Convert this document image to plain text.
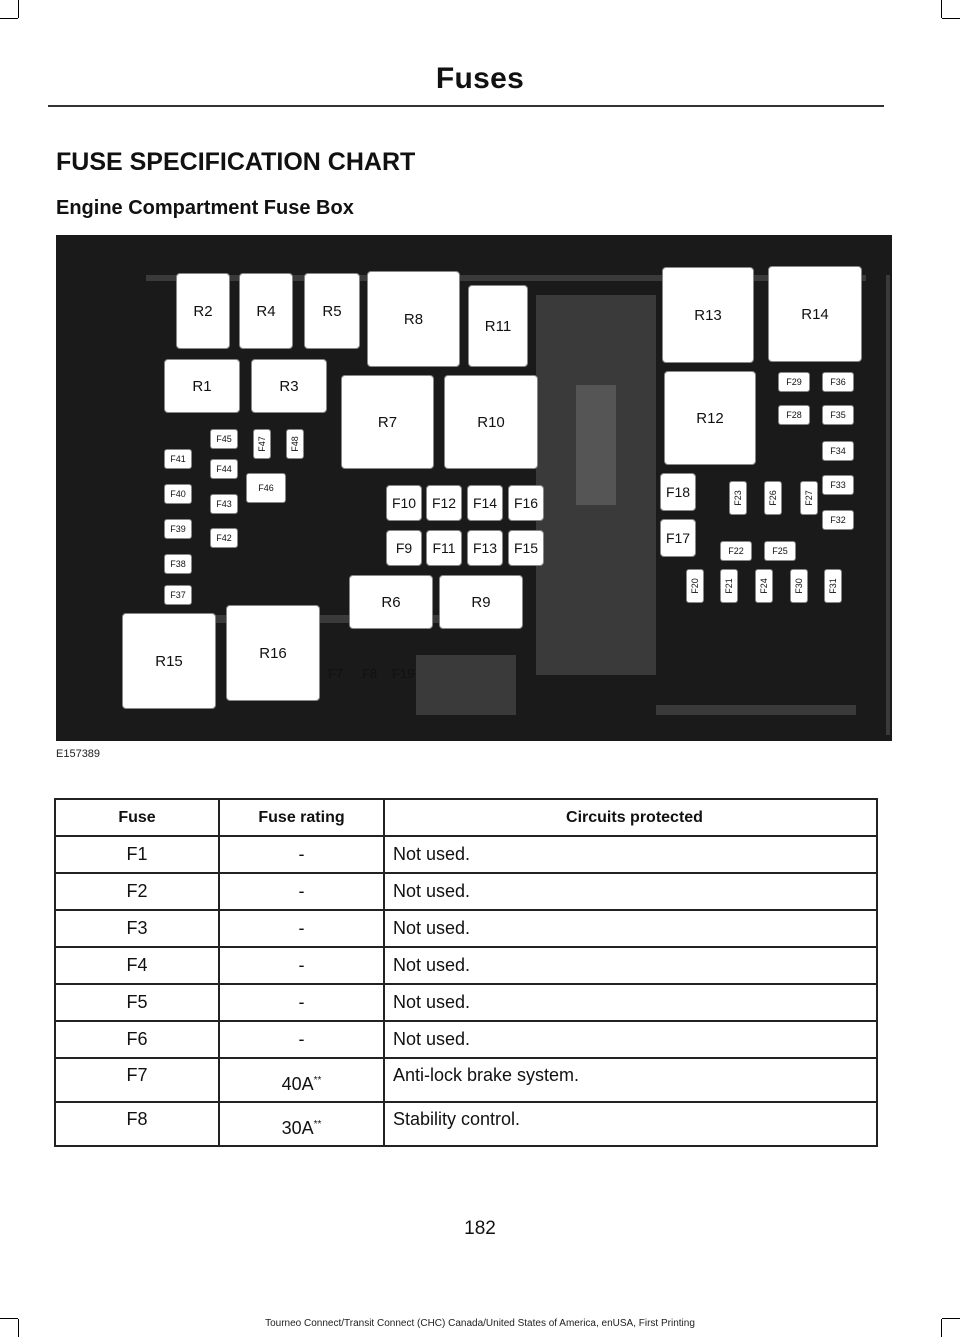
Fuses
FUSE SPECIFICATION CHART
Engine Compartment Fuse Box
R2	R4	R5	R8	R11
R13	R14
R1	R3
R7	R10	R12
R6	R9
R15	R16
F10	F12	F14	F16
F9	F11	F13	F15
F18
F17
F41
F40
F39
F38
F37
F45
F44
F43
F42
F46
F47	F48
F29	F36
F28	F35
F34
F33
F32
F22	F25
F23	F26	F27
F20	F21	F24	F30	F31
F7 F8 F19
E157389
Fuse	Fuse rating	Circuits protected
F1	-	Not used.
F2	-	Not used.
F3	-	Not used.
F4	-	Not used.
F5	-	Not used.
F6	-	Not used.
F7	40A**	Anti-lock brake system.
F8	30A**	Stability control.
182
Tourneo Connect/Transit Connect (CHC) Canada/United States of America, enUSA, First Printing
